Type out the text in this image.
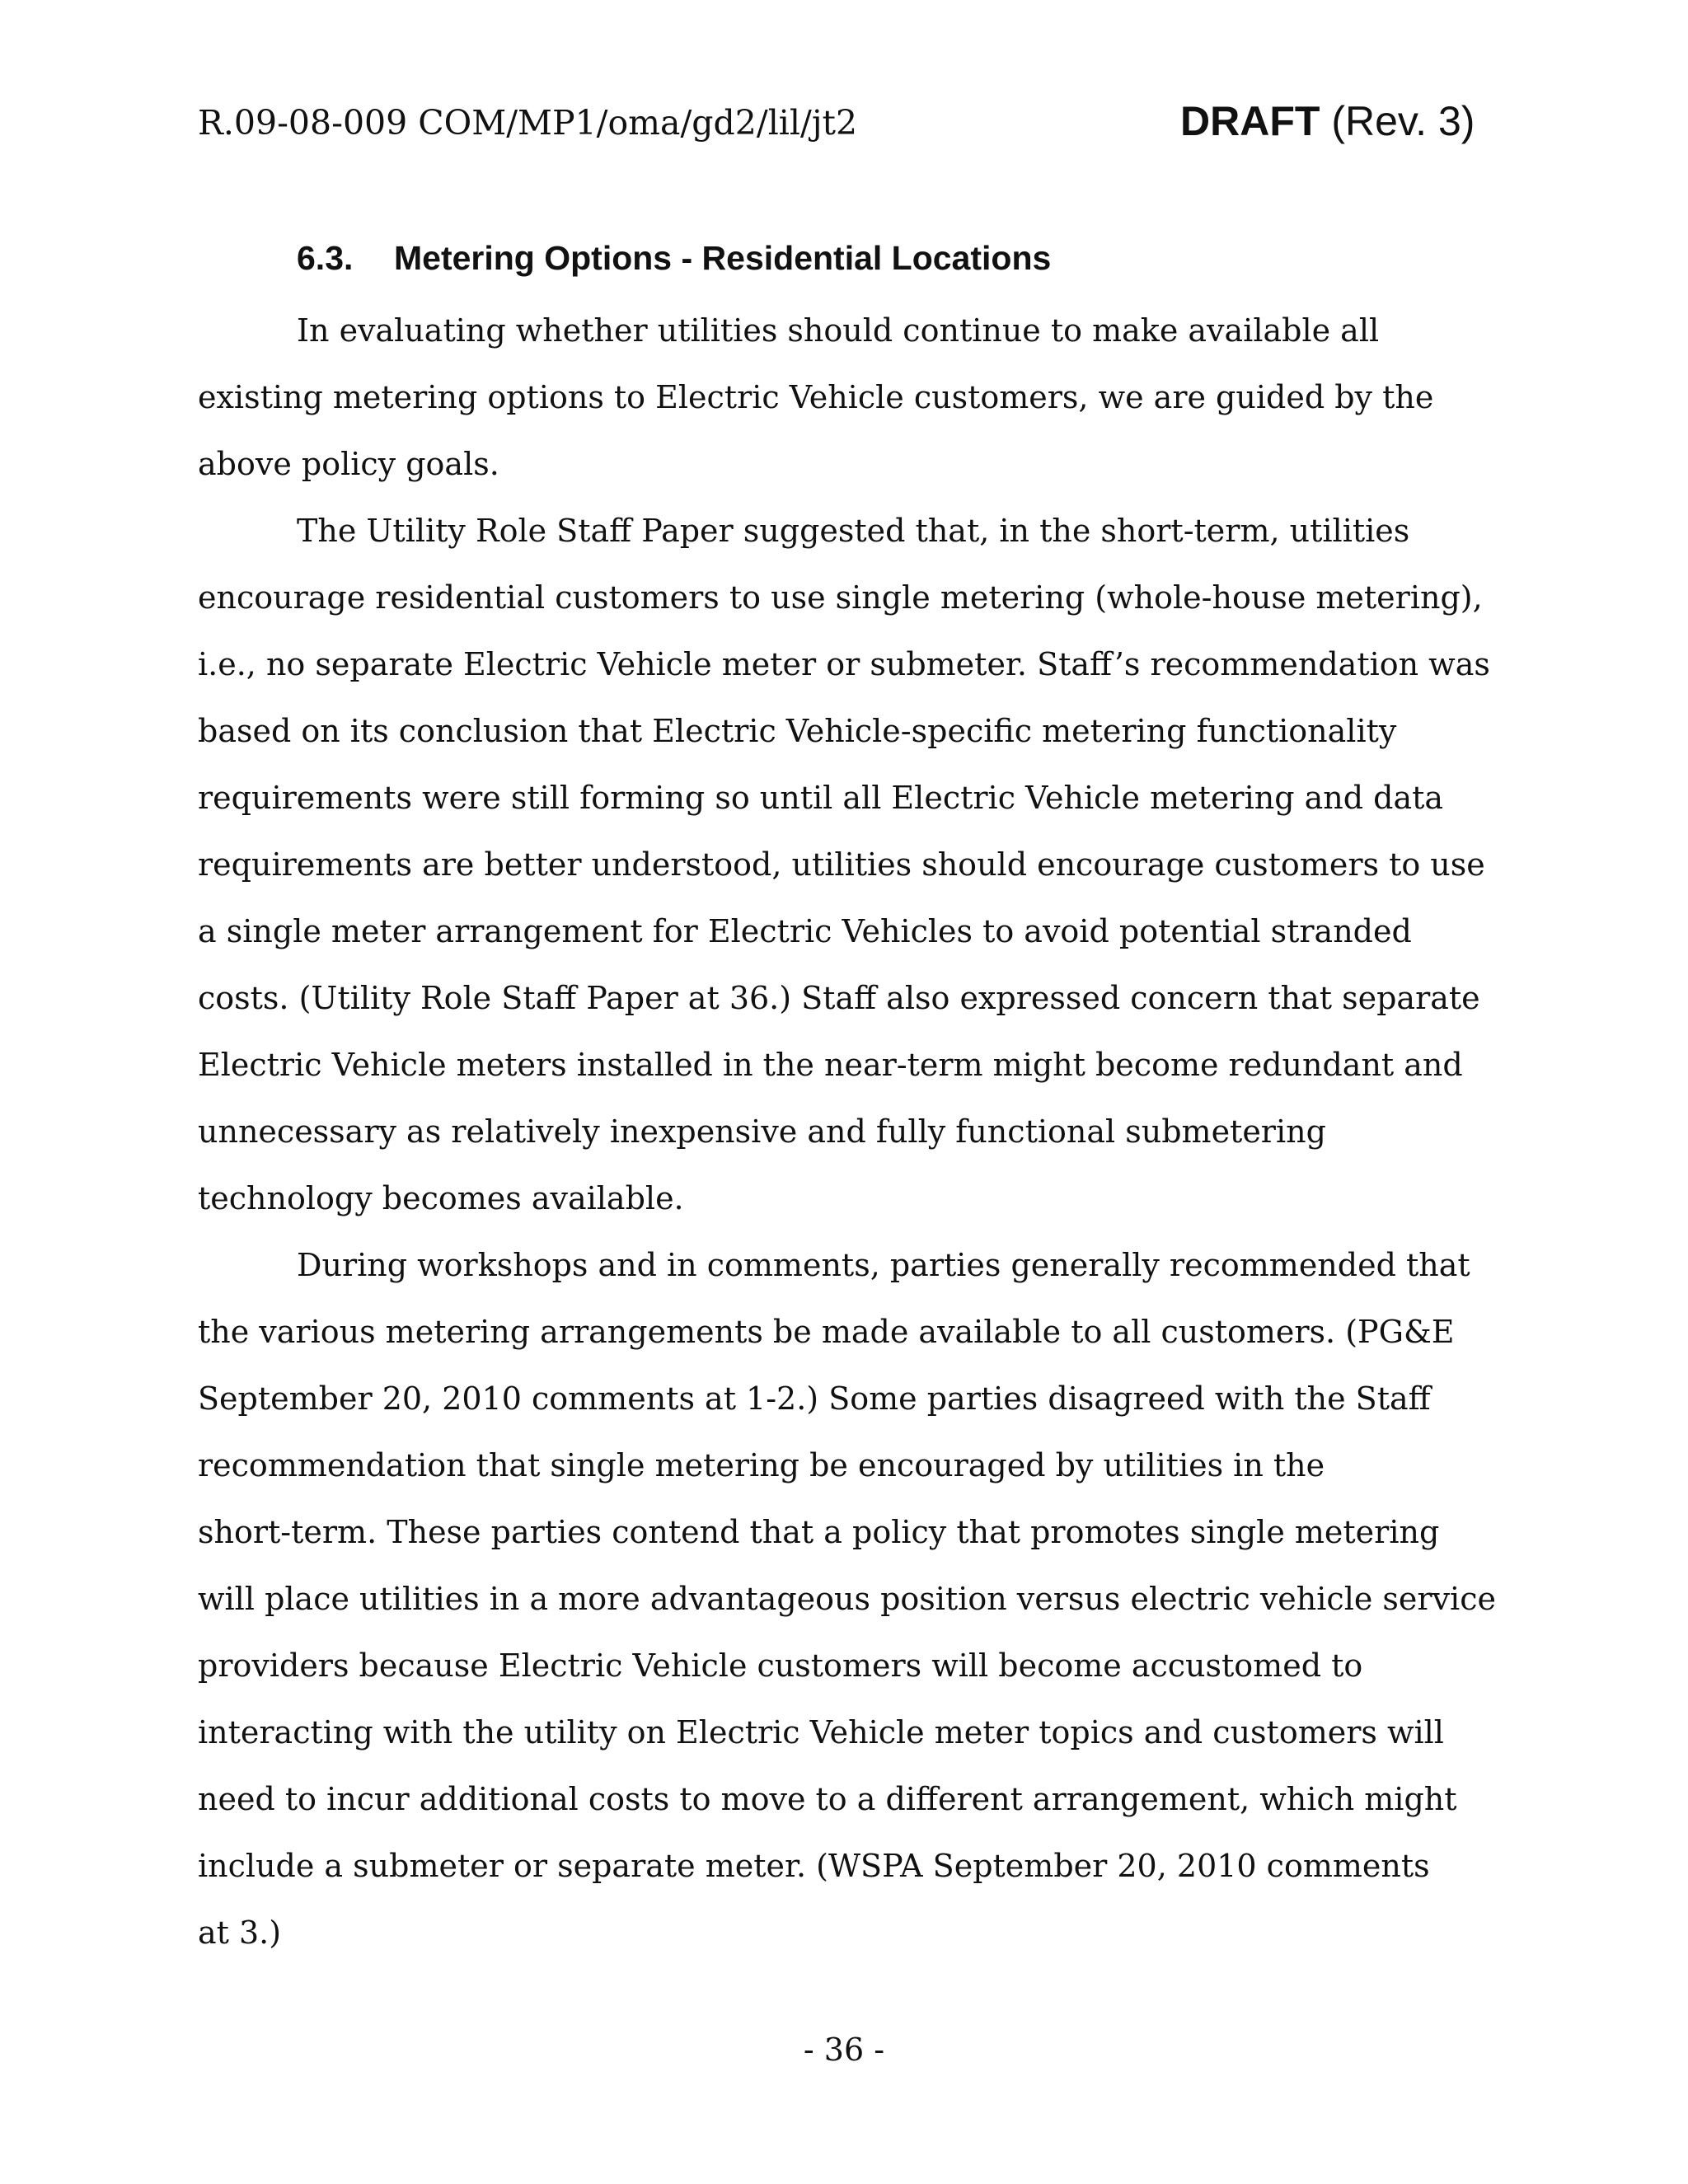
R.09-08-009 COM/MP1/oma/gd2/lil/jt2	DRAFT (Rev. 3)
6.3. Metering Options - Residential Locations
In evaluating whether utilities should continue to make available all
existing metering options to Electric Vehicle customers, we are guided by the
above policy goals.
The Utility Role Staff Paper suggested that, in the short-term, utilities
encourage residential customers to use single metering (whole-house metering),
i.e., no separate Electric Vehicle meter or submeter. Staff’s recommendation was
based on its conclusion that Electric Vehicle-specific metering functionality
requirements were still forming so until all Electric Vehicle metering and data
requirements are better understood, utilities should encourage customers to use
a single meter arrangement for Electric Vehicles to avoid potential stranded
costs. (Utility Role Staff Paper at 36.) Staff also expressed concern that separate
Electric Vehicle meters installed in the near-term might become redundant and
unnecessary as relatively inexpensive and fully functional submetering
technology becomes available.
During workshops and in comments, parties generally recommended that
the various metering arrangements be made available to all customers. (PG&E
September 20, 2010 comments at 1-2.) Some parties disagreed with the Staff
recommendation that single metering be encouraged by utilities in the
short-term. These parties contend that a policy that promotes single metering
will place utilities in a more advantageous position versus electric vehicle service
providers because Electric Vehicle customers will become accustomed to
interacting with the utility on Electric Vehicle meter topics and customers will
need to incur additional costs to move to a different arrangement, which might
include a submeter or separate meter. (WSPA September 20, 2010 comments
at 3.)
- 36 -
